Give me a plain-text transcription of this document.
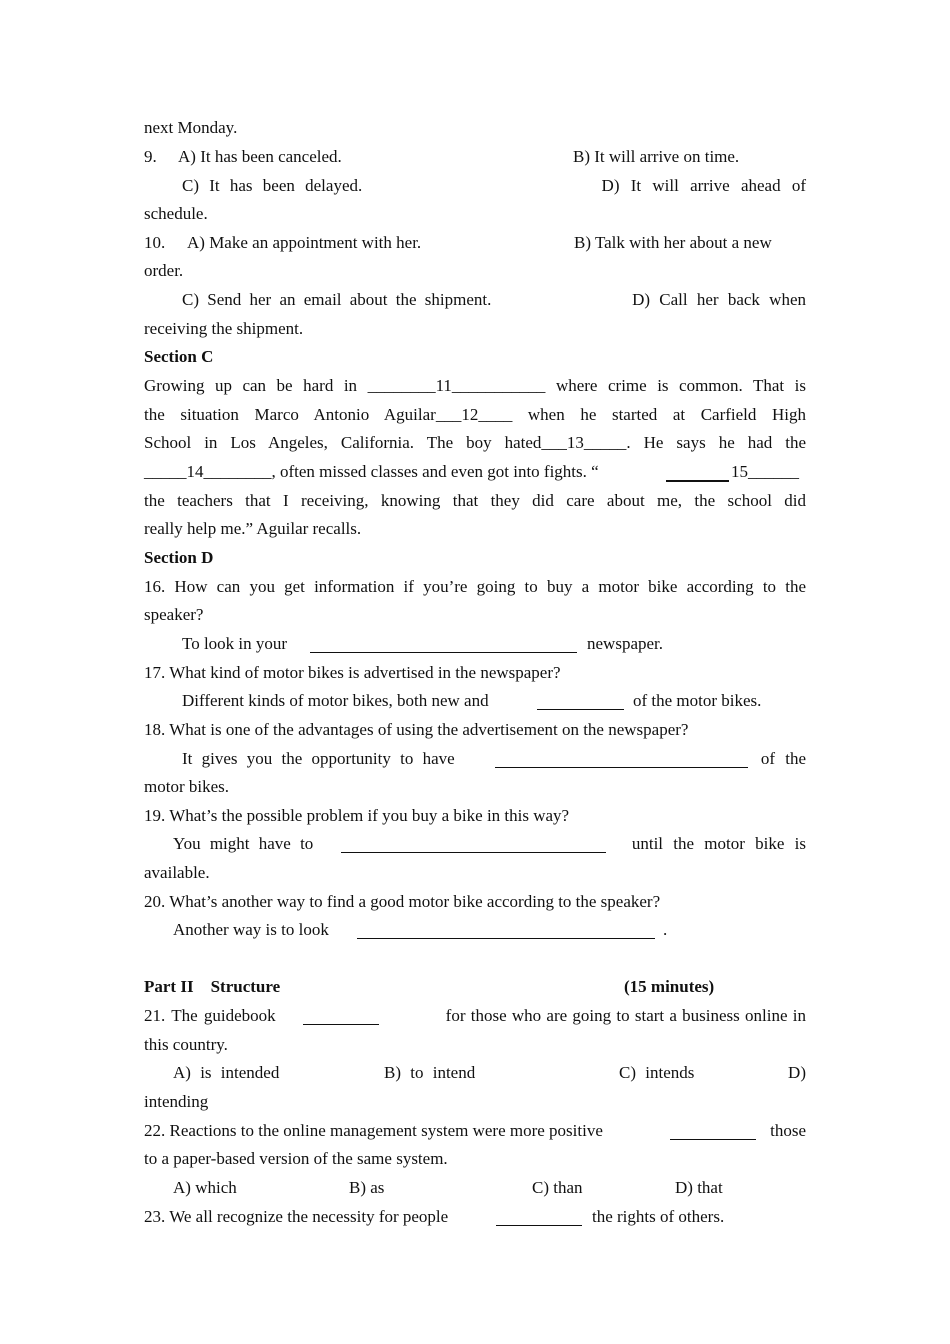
next Monday.
9. A) It has been canceled.	B) It will arrive on time.
C) It has been delayed.	D) It will arrive ahead of
schedule.
10. A) Make an appointment with her.	B) Talk with her about a new
order.
C) Send her an email about the shipment.	D) Call her back when
receiving the shipment.
Section C
Growing up can be hard in ________11___________ where crime is common. That is
the situation Marco Antonio Aguilar___12____ when he started at Carfield High
School in Los Angeles, California. The boy hated___13_____. He says he had the
_____14________, often missed classes and even got into fights. “	15______
the teachers that I receiving, knowing that they did care about me, the school did
really help me.” Aguilar recalls.
Section D
16. How can you get information if you’re going to buy a motor bike according to the
speaker?
To look in your	newspaper.
17. What kind of motor bikes is advertised in the newspaper?
Different kinds of motor bikes, both new and	of the motor bikes.
18. What is one of the advantages of using the advertisement on the newspaper?
It gives you the opportunity to have	of the
motor bikes.
19. What’s the possible problem if you buy a bike in this way?
You might have to	until the motor bike is
available.
20. What’s another way to find a good motor bike according to the speaker?
Another way is to look	.
Part II    Structure	(15 minutes)
21. The guidebook	for those who are going to start a business online in
this country.
A) is intended	B) to intend	C) intends	D)
intending
22. Reactions to the online management system were more positive	those
to a paper-based version of the same system.
A) which	B) as	C) than	D) that
23. We all recognize the necessity for people	the rights of others.
